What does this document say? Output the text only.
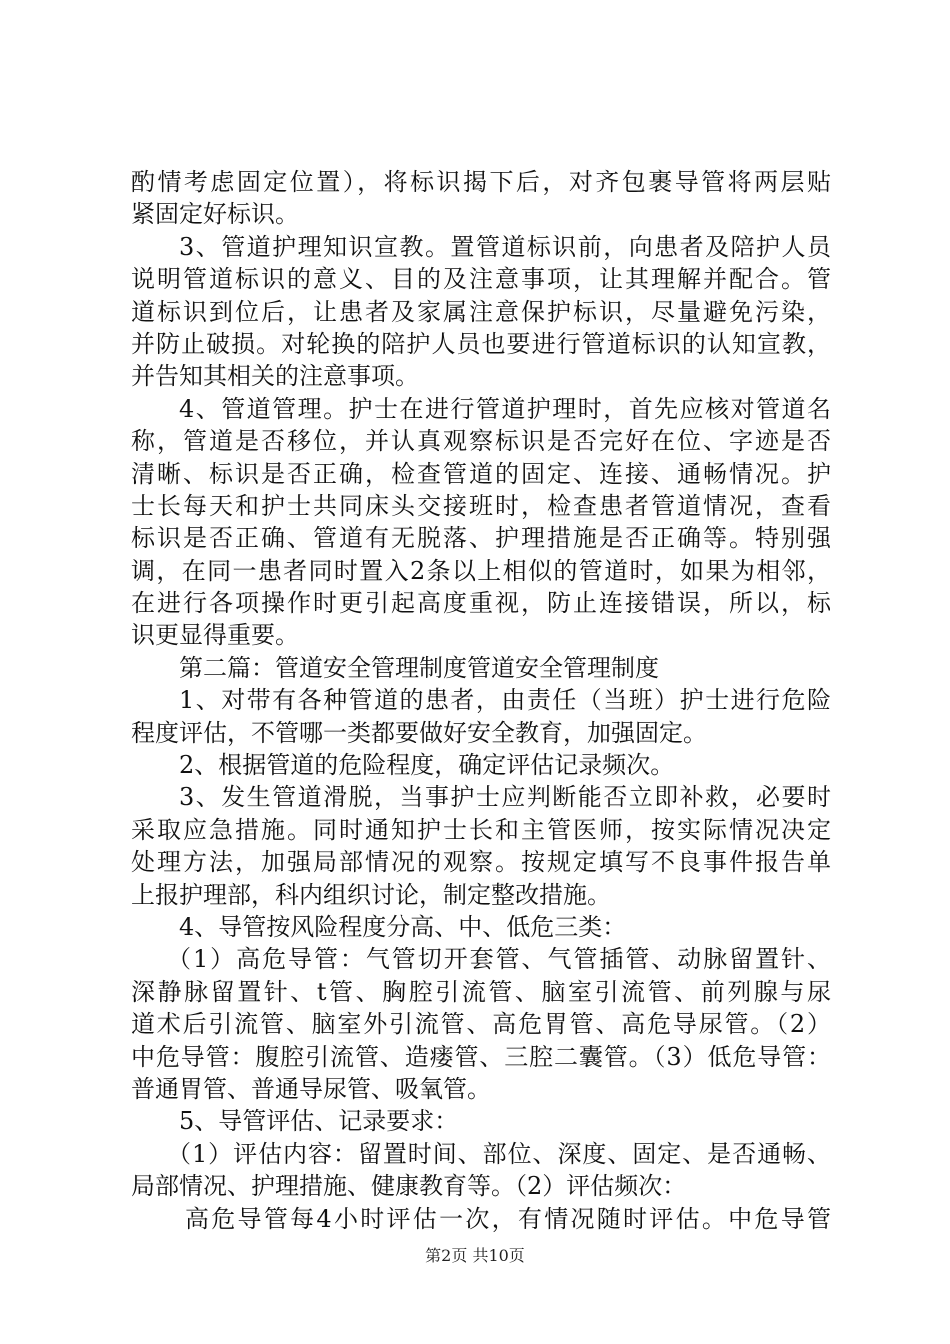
酌情考虑固定位置），将标识揭下后，对齐包裹导管将两层贴
紧固定好标识。
3、管道护理知识宣教。置管道标识前，向患者及陪护人员
说明管道标识的意义、目的及注意事项，让其理解并配合。管
道标识到位后，让患者及家属注意保护标识，尽量避免污染，
并防止破损。对轮换的陪护人员也要进行管道标识的认知宣教，
并告知其相关的注意事项。
4、管道管理。护士在进行管道护理时，首先应核对管道名
称，管道是否移位，并认真观察标识是否完好在位、字迹是否
清晰、标识是否正确，检查管道的固定、连接、通畅情况。护
士长每天和护士共同床头交接班时，检查患者管道情况，查看
标识是否正确、管道有无脱落、护理措施是否正确等。特别强
调，在同一患者同时置入2条以上相似的管道时，如果为相邻，
在进行各项操作时更引起高度重视，防止连接错误，所以，标
识更显得重要。
第二篇：管道安全管理制度管道安全管理制度
1、对带有各种管道的患者，由责任（当班）护士进行危险
程度评估，不管哪一类都要做好安全教育，加强固定。
2、根据管道的危险程度，确定评估记录频次。
3、发生管道滑脱，当事护士应判断能否立即补救，必要时
采取应急措施。同时通知护士长和主管医师，按实际情况决定
处理方法，加强局部情况的观察。按规定填写不良事件报告单
上报护理部，科内组织讨论，制定整改措施。
4、导管按风险程度分高、中、低危三类：
（1）高危导管：气管切开套管、气管插管、动脉留置针、
深静脉留置针、t管、胸腔引流管、脑室引流管、前列腺与尿
道术后引流管、脑室外引流管、高危胃管、高危导尿管。（2）
中危导管：腹腔引流管、造瘘管、三腔二囊管。（3）低危导管：
普通胃管、普通导尿管、吸氧管。
5、导管评估、记录要求：
（1）评估内容：留置时间、部位、深度、固定、是否通畅、
局部情况、护理措施、健康教育等。（2）评估频次：
高危导管每4小时评估一次，有情况随时评估。中危导管
第2页 共10页
